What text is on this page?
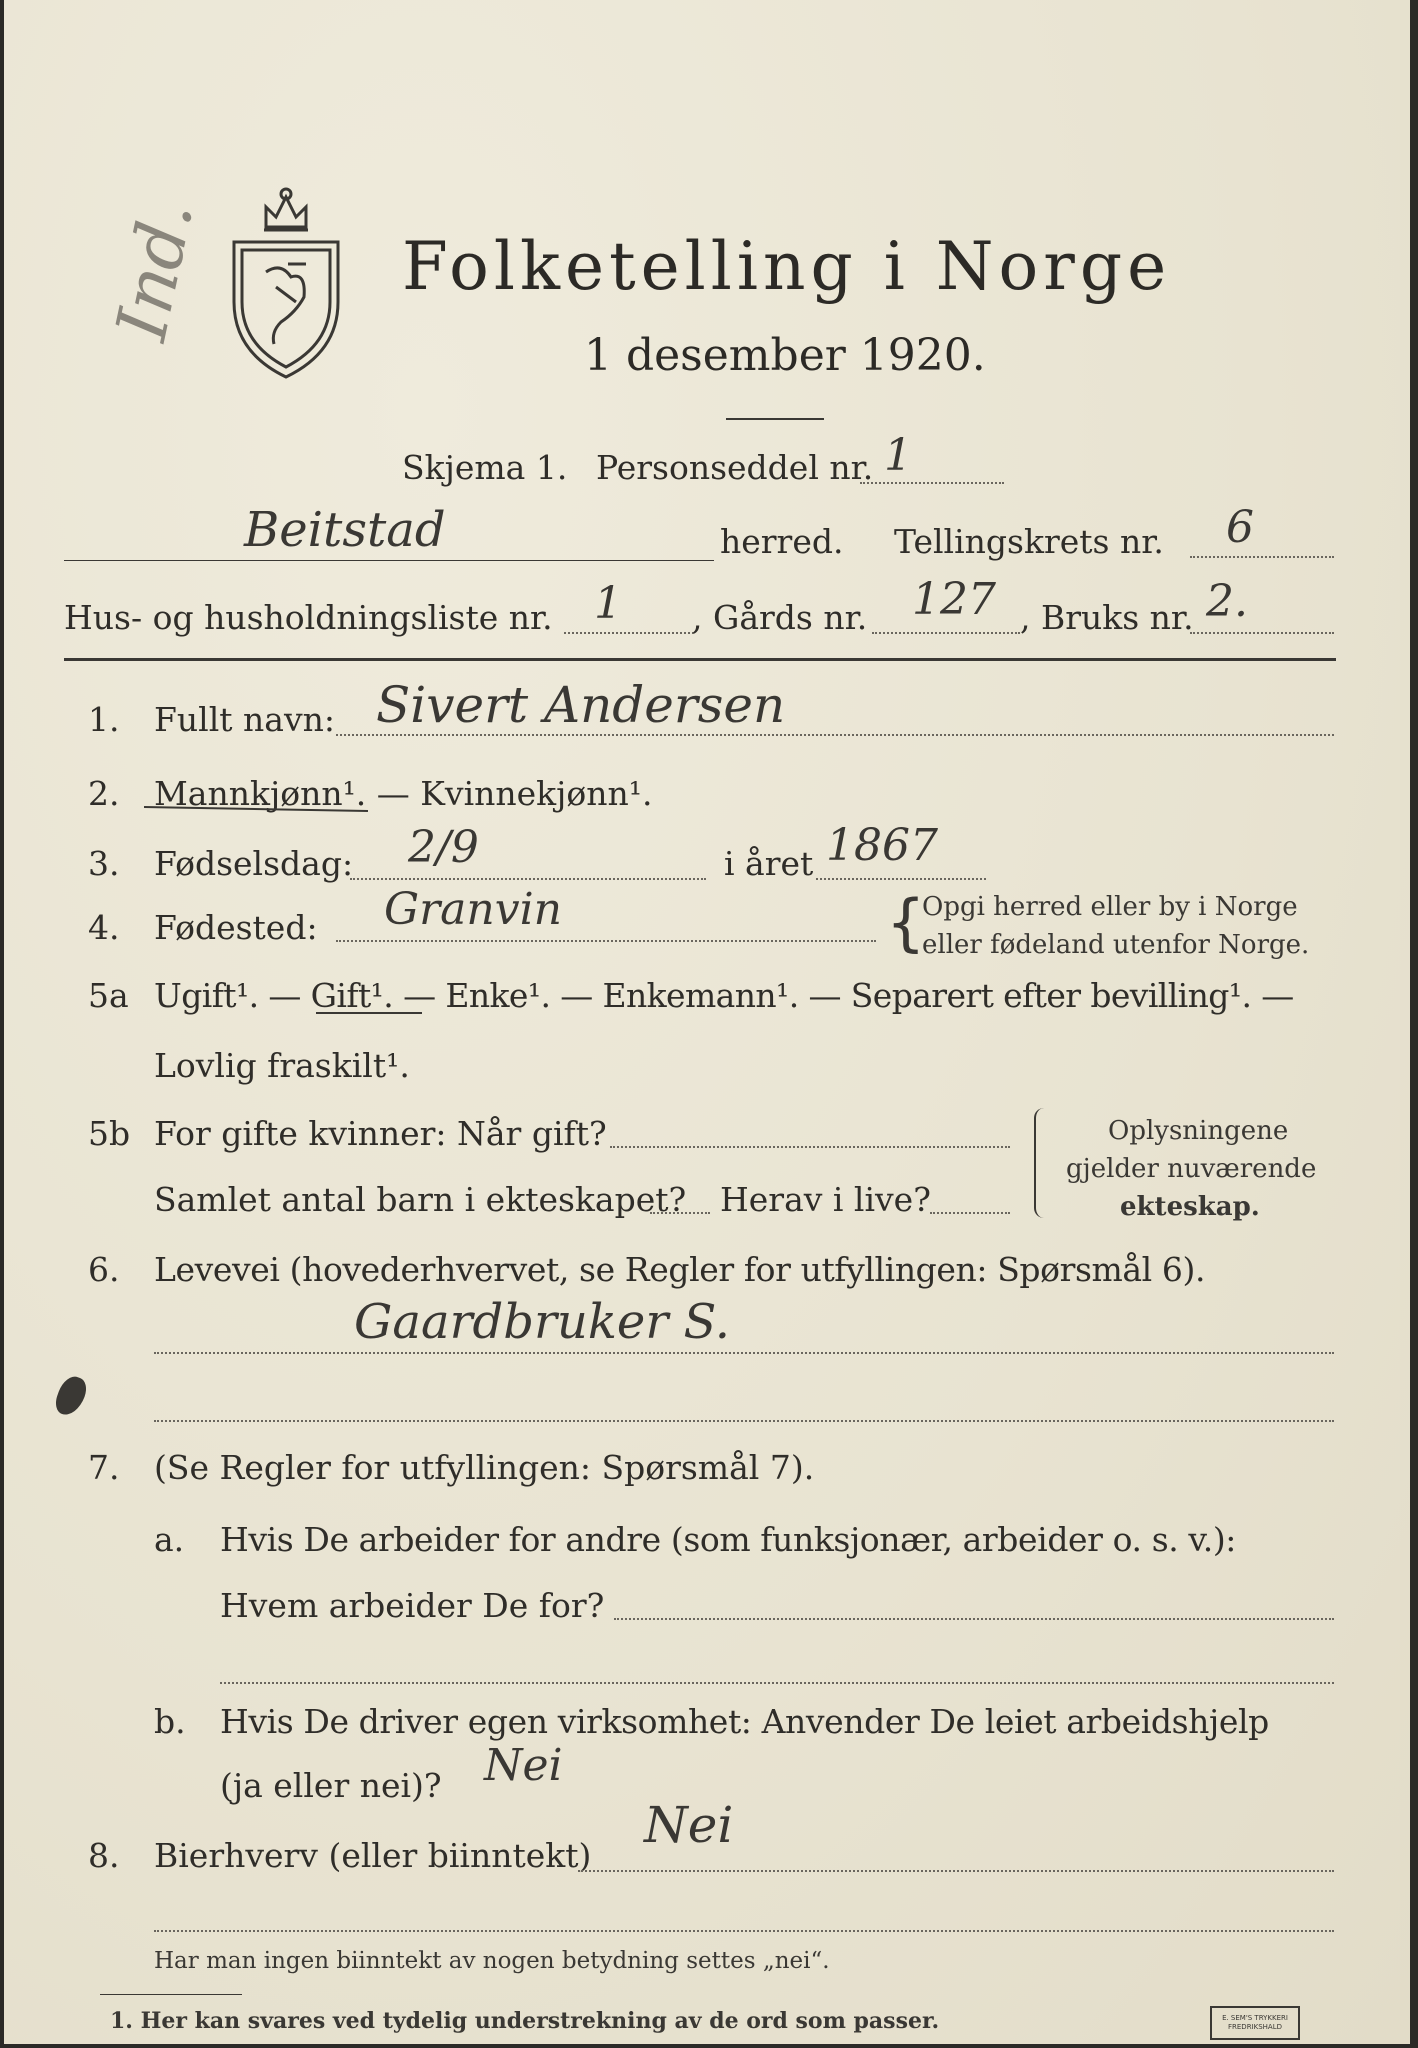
Ind.	Folketelling i Norge
1 desember 1920.
Skjema 1. Personseddel nr. 1
Beitstad	herred. Tellingskrets nr. 6
Hus- og husholdningsliste nr. 1 , Gårds nr. 127 , Bruks nr. 2.
1. Fullt navn: Sivert Andersen
2. Mannkjønn¹. — Kvinnekjønn¹.
3. Fødselsdag: 2/9	i året 1867
4. Fødested: Granvin	{
Opgi herred eller by i Norge
eller fødeland utenfor Norge.
5a Ugift¹. — Gift¹. — Enke¹. — Enkemann¹. — Separert efter bevilling¹. —
Lovlig fraskilt¹.
5b For gifte kvinner: Når gift?
Samlet antal barn i ekteskapet? Herav i live?
Oplysningene
gjelder nuværende
ekteskap.
6. Levevei (hovederhvervet, se Regler for utfyllingen: Spørsmål 6).
Gaardbruker S.
7. (Se Regler for utfyllingen: Spørsmål 7).
a. Hvis De arbeider for andre (som funksjonær, arbeider o. s. v.):
Hvem arbeider De for?
b. Hvis De driver egen virksomhet: Anvender De leiet arbeidshjelp
(ja eller nei)? Nei
8. Bierhverv (eller biinntekt)
Nei
Har man ingen biinntekt av nogen betydning settes „nei“.
1. Her kan svares ved tydelig understrekning av de ord som passer.	E. SEM'S TRYKKERI
FREDRIKSHALD
